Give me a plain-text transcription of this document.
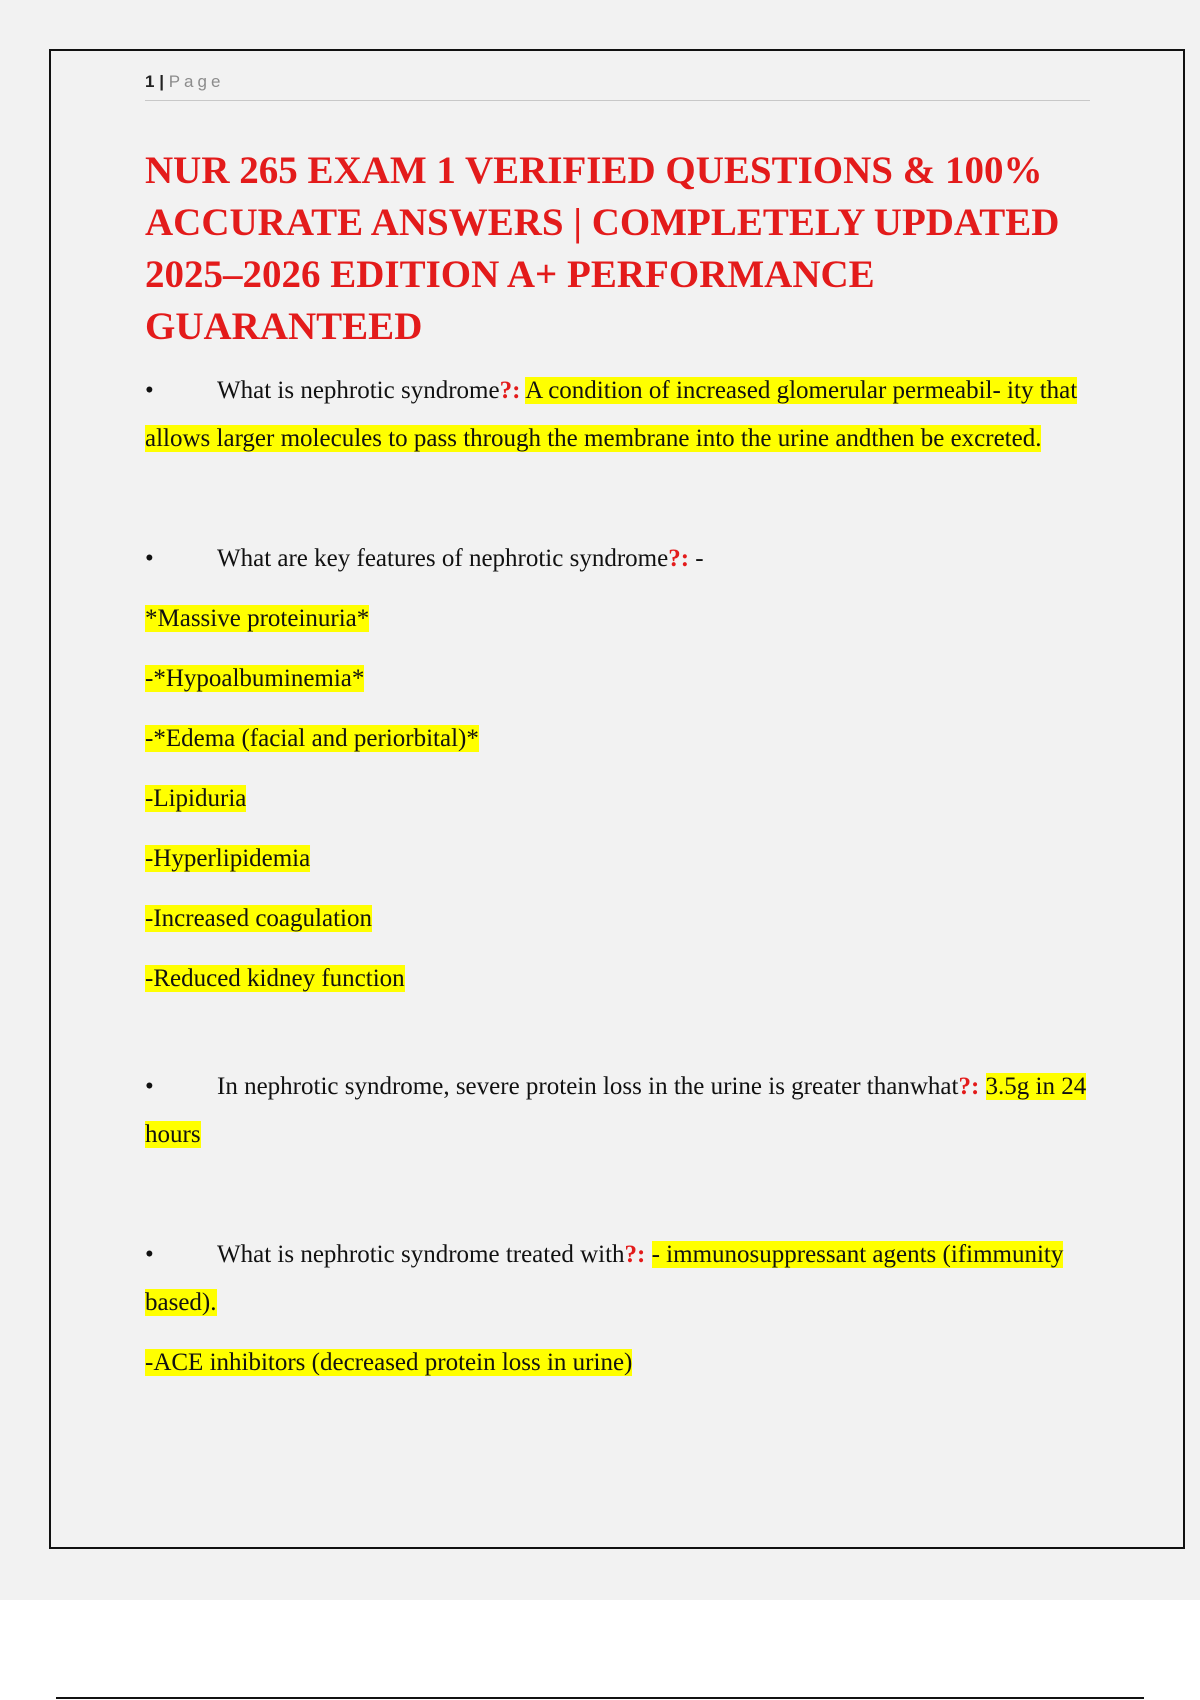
1 | Page
NUR 265 EXAM 1 VERIFIED QUESTIONS & 100% ACCURATE ANSWERS | COMPLETELY UPDATED 2025–2026 EDITION A+ PERFORMANCE GUARANTEED

•	What is nephrotic syndrome?: A condition of increased glomerular permeabil- ity that allows larger molecules to pass through the membrane into the urine andthen be excreted.

•	What are key features of nephrotic syndrome?: -

*Massive proteinuria*

-*Hypoalbuminemia*

-*Edema (facial and periorbital)*

-Lipiduria

-Hyperlipidemia

-Increased coagulation

-Reduced kidney function

•	In nephrotic syndrome, severe protein loss in the urine is greater thanwhat?: 3.5g in 24 hours

•	What is nephrotic syndrome treated with?: - immunosuppressant agents (ifimmunity based).

-ACE inhibitors (decreased protein loss in urine)
